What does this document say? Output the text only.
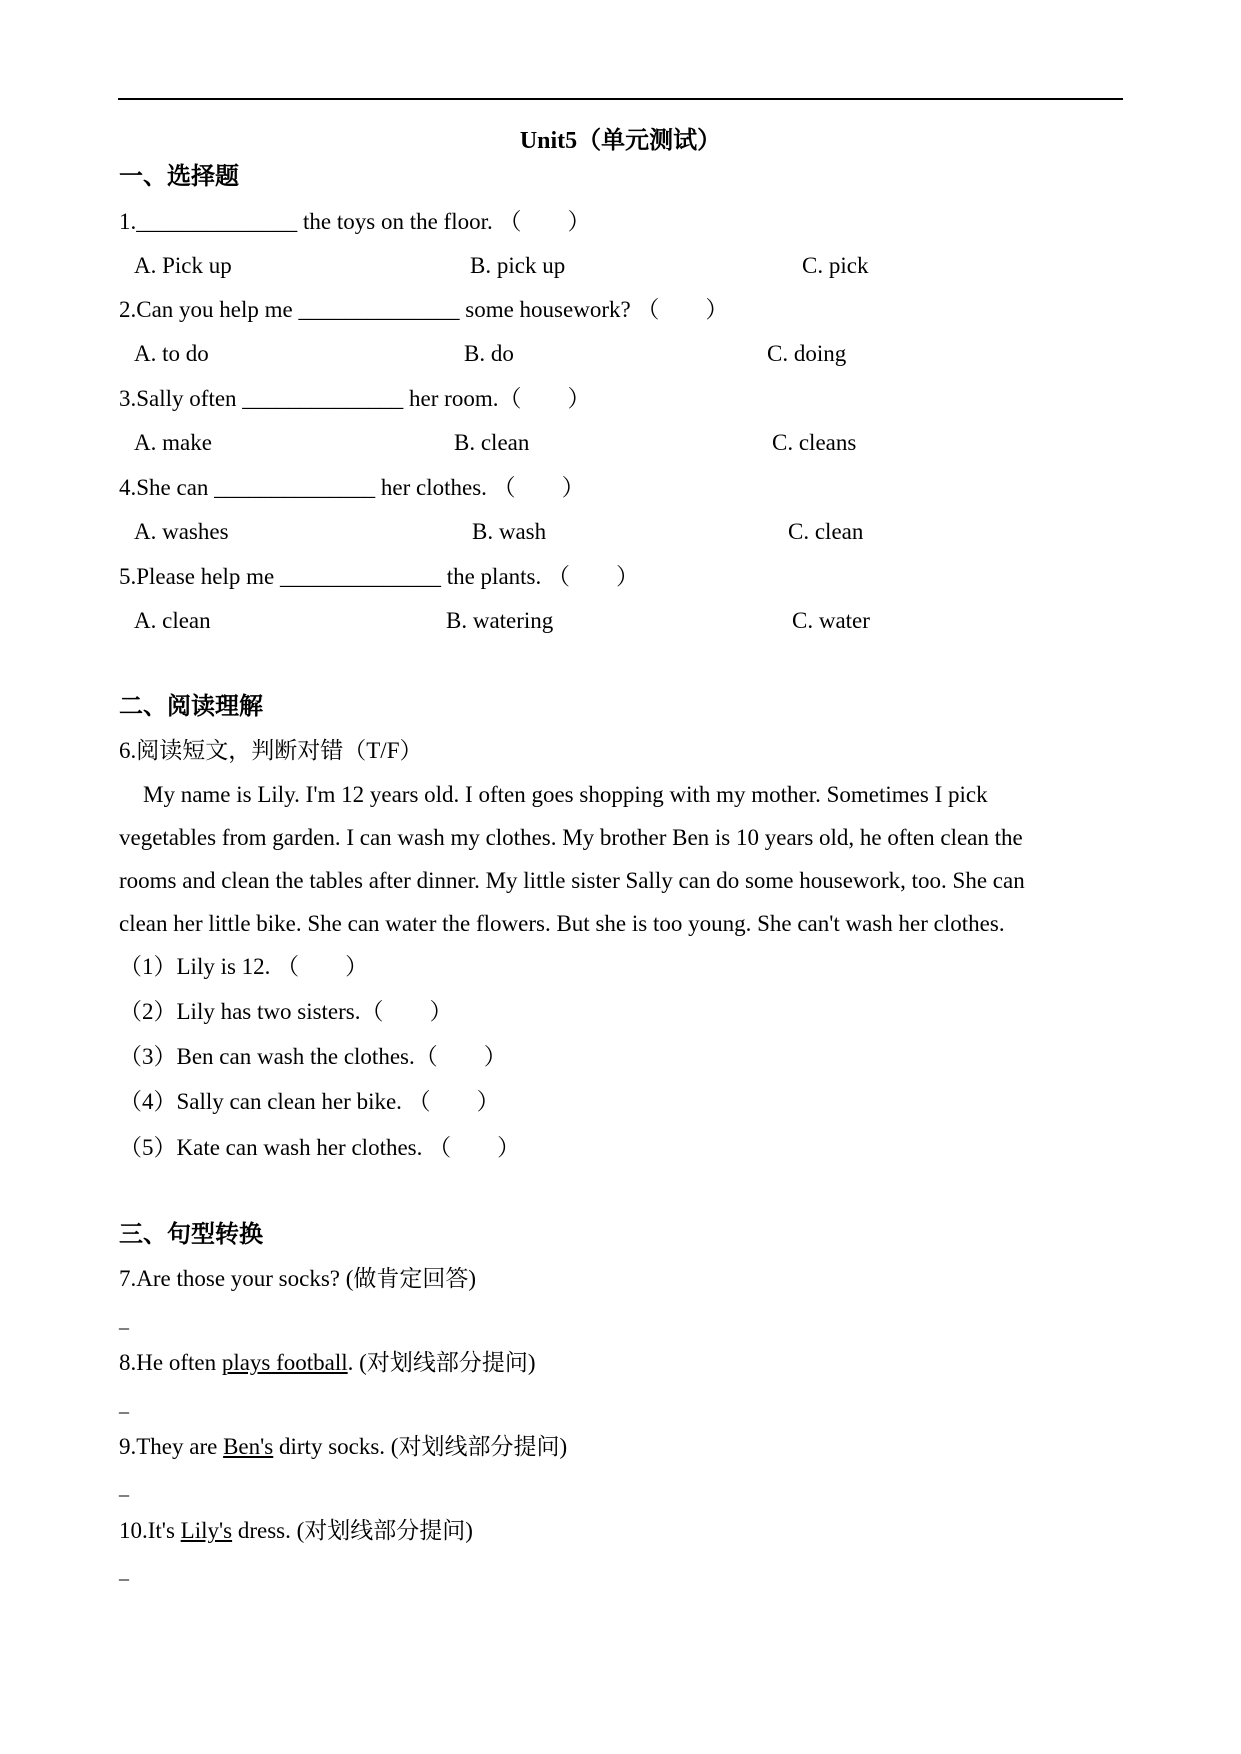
Unit5（单元测试）
一、选择题
1.______________ the toys on the floor. （　　）
A. Pick up	B. pick up	C. pick
2.Can you help me ______________ some housework? （　　）
A. to do	B. do	C. doing
3.Sally often ______________ her room.（　　）
A. make	B. clean	C. cleans
4.She can ______________ her clothes. （　　）
A. washes	B. wash	C. clean
5.Please help me ______________ the plants. （　　）
A. clean	B. watering	C. water
二、阅读理解
6.阅读短文，判断对错（T/F）
My name is Lily. I'm 12 years old. I often goes shopping with my mother. Sometimes I pick
vegetables from garden. I can wash my clothes. My brother Ben is 10 years old, he often clean the
rooms and clean the tables after dinner. My little sister Sally can do some housework, too. She can
clean her little bike. She can water the flowers. But she is too young. She can't wash her clothes.
（1）Lily is 12. （　　）
（2）Lily has two sisters.（　　）
（3）Ben can wash the clothes.（　　）
（4）Sally can clean her bike. （　　）
（5）Kate can wash her clothes. （　　）
三、句型转换
7.Are those your socks? (做肯定回答)
_
8.He often plays football. (对划线部分提问)
_
9.They are Ben's dirty socks. (对划线部分提问)
_
10.It's Lily's dress. (对划线部分提问)
_
